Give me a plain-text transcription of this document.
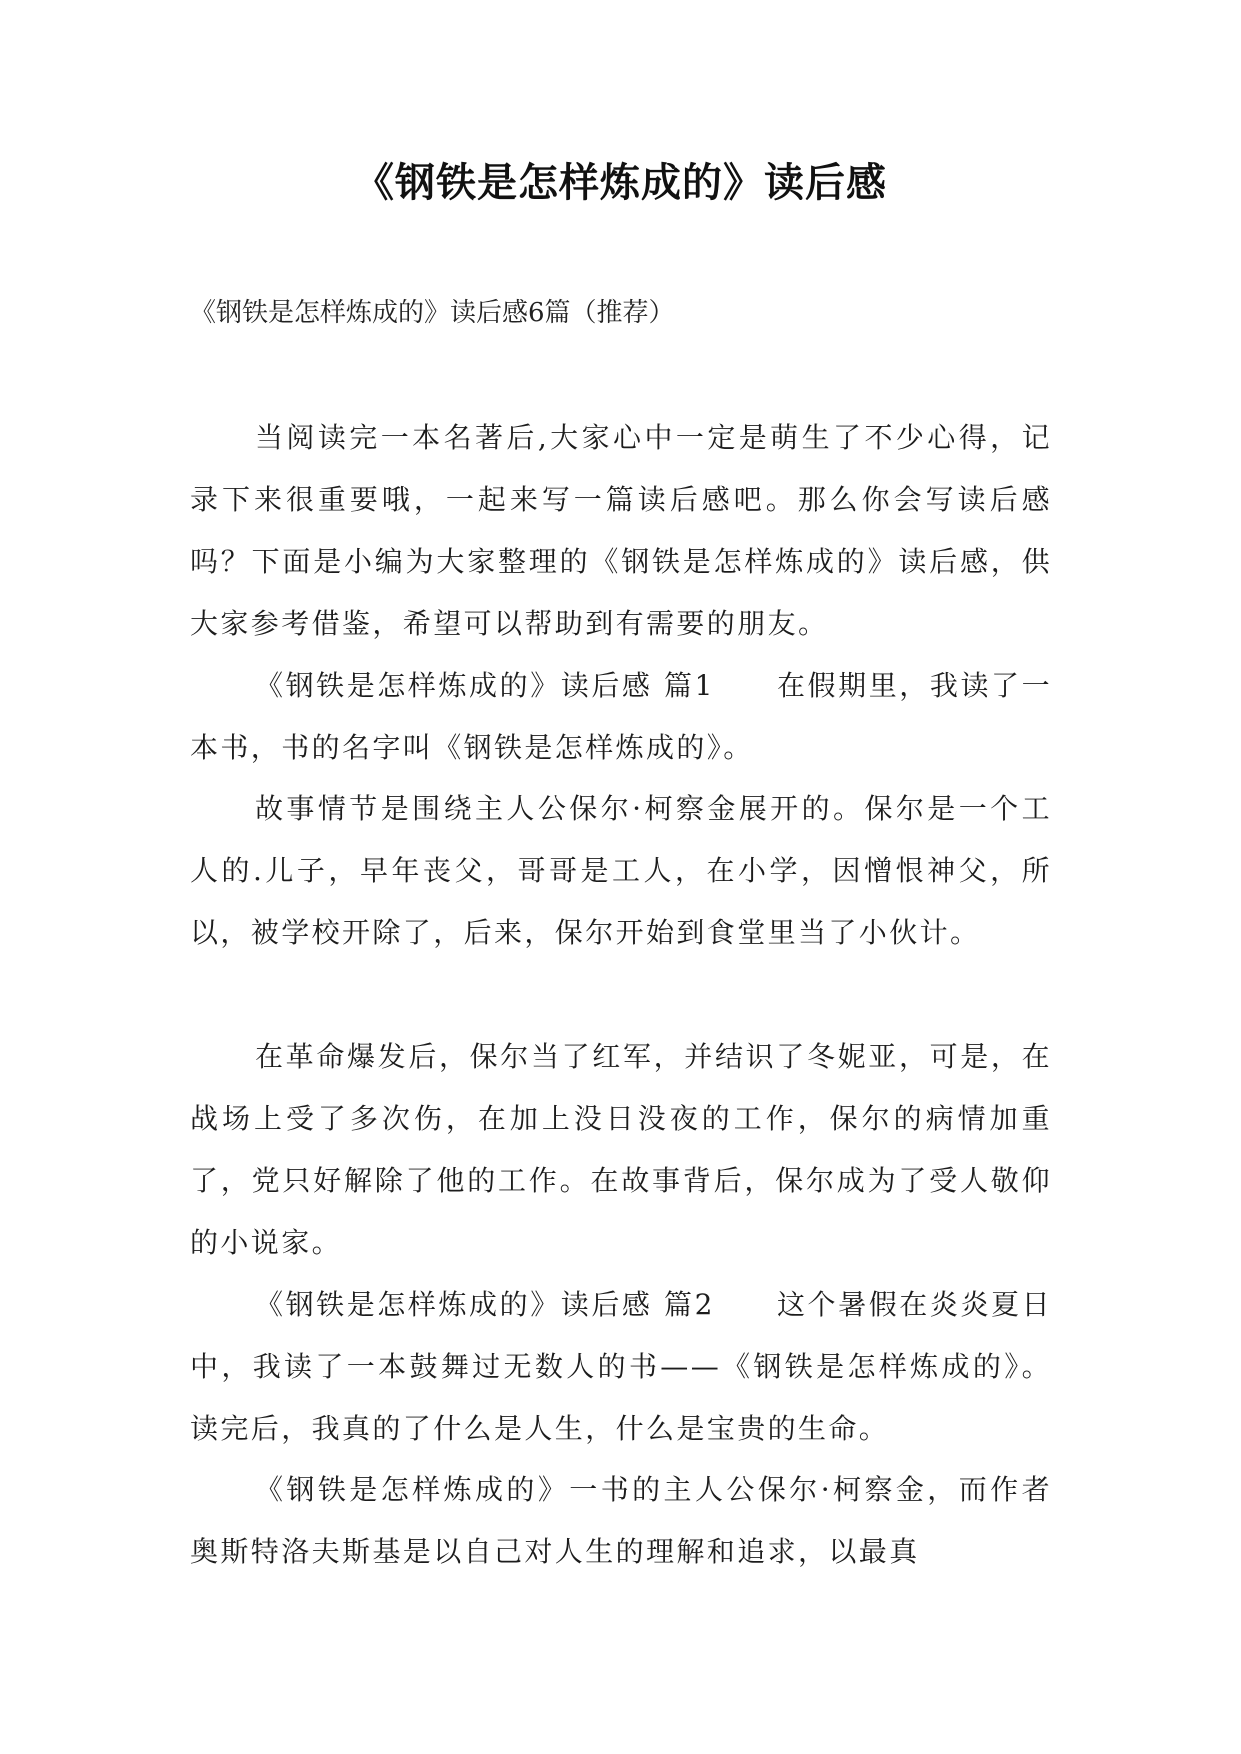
《钢铁是怎样炼成的》读后感

《钢铁是怎样炼成的》读后感6篇（推荐）

当阅读完一本名著后,大家心中一定是萌生了不少心得，记录下来很重要哦，一起来写一篇读后感吧。那么你会写读后感吗？下面是小编为大家整理的《钢铁是怎样炼成的》读后感，供大家参考借鉴，希望可以帮助到有需要的朋友。

《钢铁是怎样炼成的》读后感 篇1 在假期里，我读了一本书，书的名字叫《钢铁是怎样炼成的》。

故事情节是围绕主人公保尔·柯察金展开的。保尔是一个工人的.儿子，早年丧父，哥哥是工人，在小学，因憎恨神父，所以，被学校开除了，后来，保尔开始到食堂里当了小伙计。

在革命爆发后，保尔当了红军，并结识了冬妮亚，可是，在战场上受了多次伤，在加上没日没夜的工作，保尔的病情加重了，党只好解除了他的工作。在故事背后，保尔成为了受人敬仰的小说家。

《钢铁是怎样炼成的》读后感 篇2 这个暑假在炎炎夏日中，我读了一本鼓舞过无数人的书——《钢铁是怎样炼成的》。读完后，我真的了什么是人生，什么是宝贵的生命。

《钢铁是怎样炼成的》一书的主人公保尔·柯察金，而作者奥斯特洛夫斯基是以自己对人生的理解和追求，以最真
